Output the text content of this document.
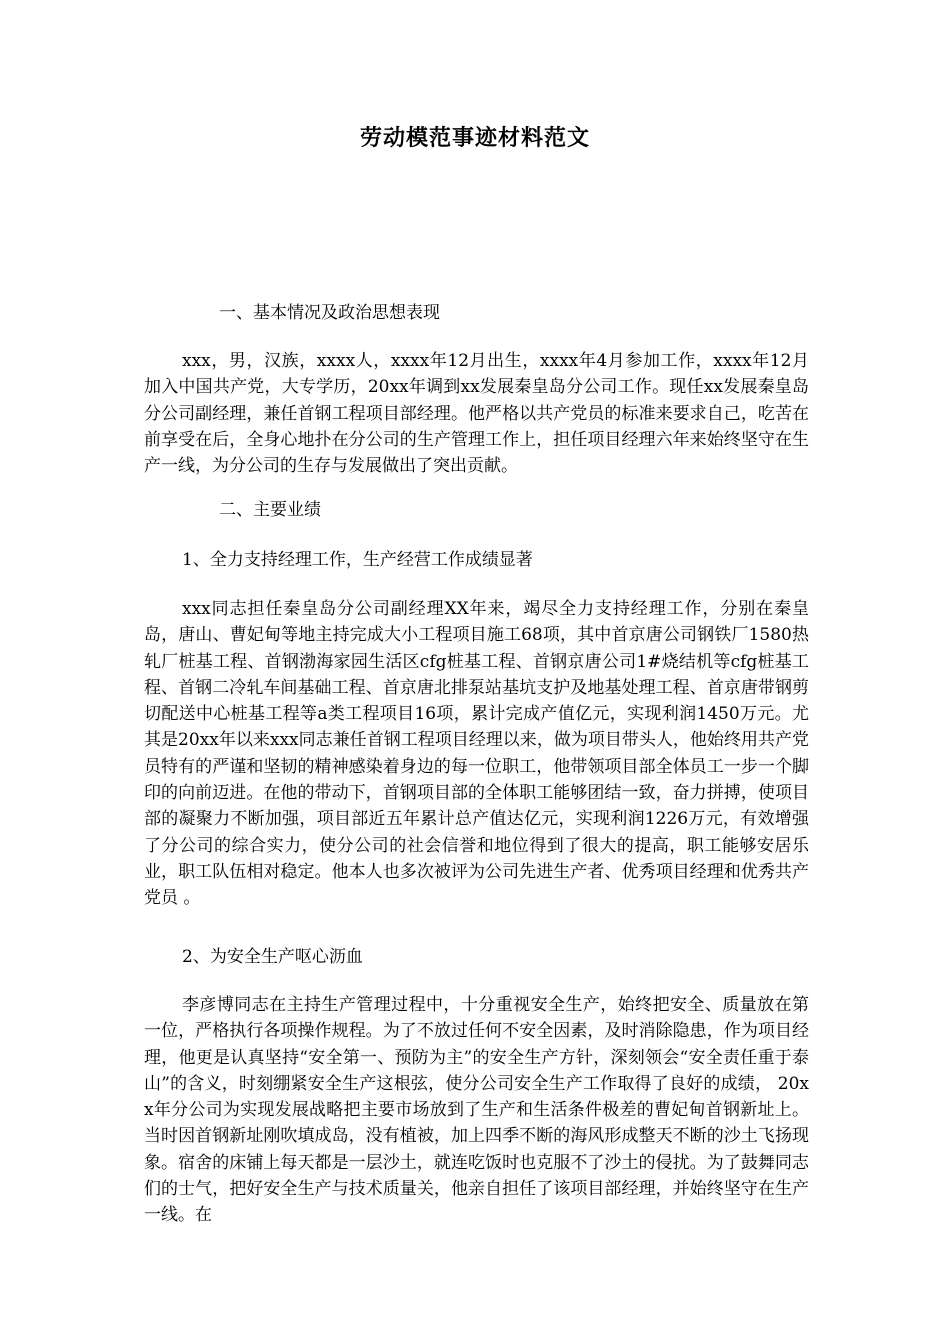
劳动模范事迹材料范文
一、基本情况及政治思想表现
xxx，男，汉族，xxxx人，xxxx年12月出生，xxxx年4月参加工作，xxxx年12月加入中国共产党，大专学历，20xx年调到xx发展秦皇岛分公司工作。现任xx发展秦皇岛分公司副经理，兼任首钢工程项目部经理。他严格以共产党员的标准来要求自己，吃苦在前享受在后，全身心地扑在分公司的生产管理工作上，担任项目经理六年来始终坚守在生产一线，为分公司的生存与发展做出了突出贡献。
二、主要业绩
1、全力支持经理工作，生产经营工作成绩显著
xxx同志担任秦皇岛分公司副经理XX年来，竭尽全力支持经理工作，分别在秦皇岛，唐山、曹妃甸等地主持完成大小工程项目施工68项，其中首京唐公司钢铁厂1580热轧厂桩基工程、首钢渤海家园生活区cfg桩基工程、首钢京唐公司1#烧结机等cfg桩基工程、首钢二冷轧车间基础工程、首京唐北排泵站基坑支护及地基处理工程、首京唐带钢剪切配送中心桩基工程等a类工程项目16项，累计完成产值亿元，实现利润1450万元。尤其是20xx年以来xxx同志兼任首钢工程项目经理以来，做为项目带头人，他始终用共产党员特有的严谨和坚韧的精神感染着身边的每一位职工，他带领项目部全体员工一步一个脚印的向前迈进。在他的带动下，首钢项目部的全体职工能够团结一致，奋力拼搏，使项目部的凝聚力不断加强，项目部近五年累计总产值达亿元，实现利润1226万元，有效增强了分公司的综合实力，使分公司的社会信誉和地位得到了很大的提高，职工能够安居乐业，职工队伍相对稳定。他本人也多次被评为公司先进生产者、优秀项目经理和优秀共产党员 。
2、为安全生产呕心沥血
李彦博同志在主持生产管理过程中，十分重视安全生产，始终把安全、质量放在第一位，严格执行各项操作规程。为了不放过任何不安全因素，及时消除隐患，作为项目经理，他更是认真坚持“安全第一、预防为主”的安全生产方针，深刻领会“安全责任重于泰山”的含义，时刻绷紧安全生产这根弦，使分公司安全生产工作取得了良好的成绩， 20xx年分公司为实现发展战略把主要市场放到了生产和生活条件极差的曹妃甸首钢新址上。当时因首钢新址刚吹填成岛，没有植被，加上四季不断的海风形成整天不断的沙土飞扬现象。宿舍的床铺上每天都是一层沙土，就连吃饭时也克服不了沙土的侵扰。为了鼓舞同志们的士气，把好安全生产与技术质量关，他亲自担任了该项目部经理，并始终坚守在生产一线。在
